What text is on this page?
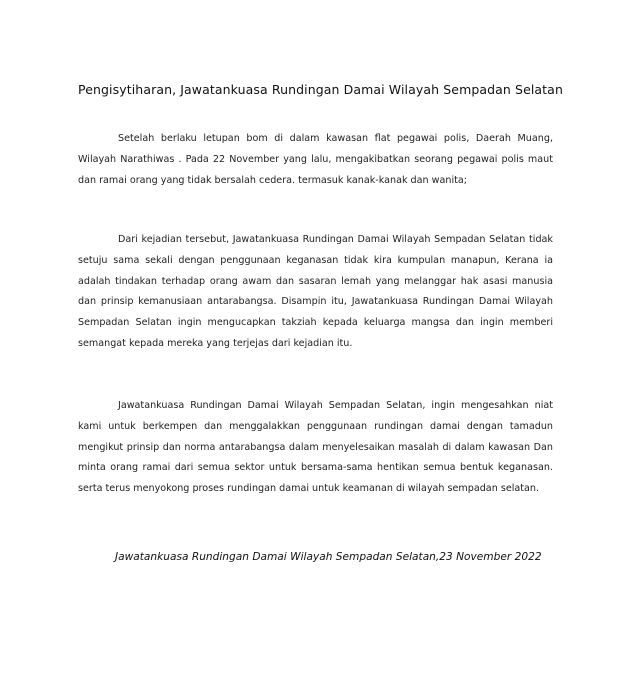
Pengisytiharan, Jawatankuasa Rundingan Damai Wilayah Sempadan Selatan
Setelah berlaku letupan bom di dalam kawasan flat pegawai polis, Daerah Muang,
Wilayah Narathiwas . Pada 22 November yang lalu, mengakibatkan seorang pegawai polis maut
dan ramai orang yang tidak bersalah cedera. termasuk kanak-kanak dan wanita;
Dari kejadian tersebut, Jawatankuasa Rundingan Damai Wilayah Sempadan Selatan tidak
setuju sama sekali dengan penggunaan keganasan tidak kira kumpulan manapun, Kerana ia
adalah tindakan terhadap orang awam dan sasaran lemah yang melanggar hak asasi manusia
dan prinsip kemanusiaan antarabangsa. Disampin itu, Jawatankuasa Rundingan Damai Wilayah
Sempadan Selatan ingin mengucapkan takziah kepada keluarga mangsa dan ingin memberi
semangat kepada mereka yang terjejas dari kejadian itu.
Jawatankuasa Rundingan Damai Wilayah Sempadan Selatan, ingin mengesahkan niat
kami untuk berkempen dan menggalakkan penggunaan rundingan damai dengan tamadun
mengikut prinsip dan norma antarabangsa dalam menyelesaikan masalah di dalam kawasan Dan
minta orang ramai dari semua sektor untuk bersama-sama hentikan semua bentuk keganasan.
serta terus menyokong proses rundingan damai untuk keamanan di wilayah sempadan selatan.
Jawatankuasa Rundingan Damai Wilayah Sempadan Selatan,23 November 2022
